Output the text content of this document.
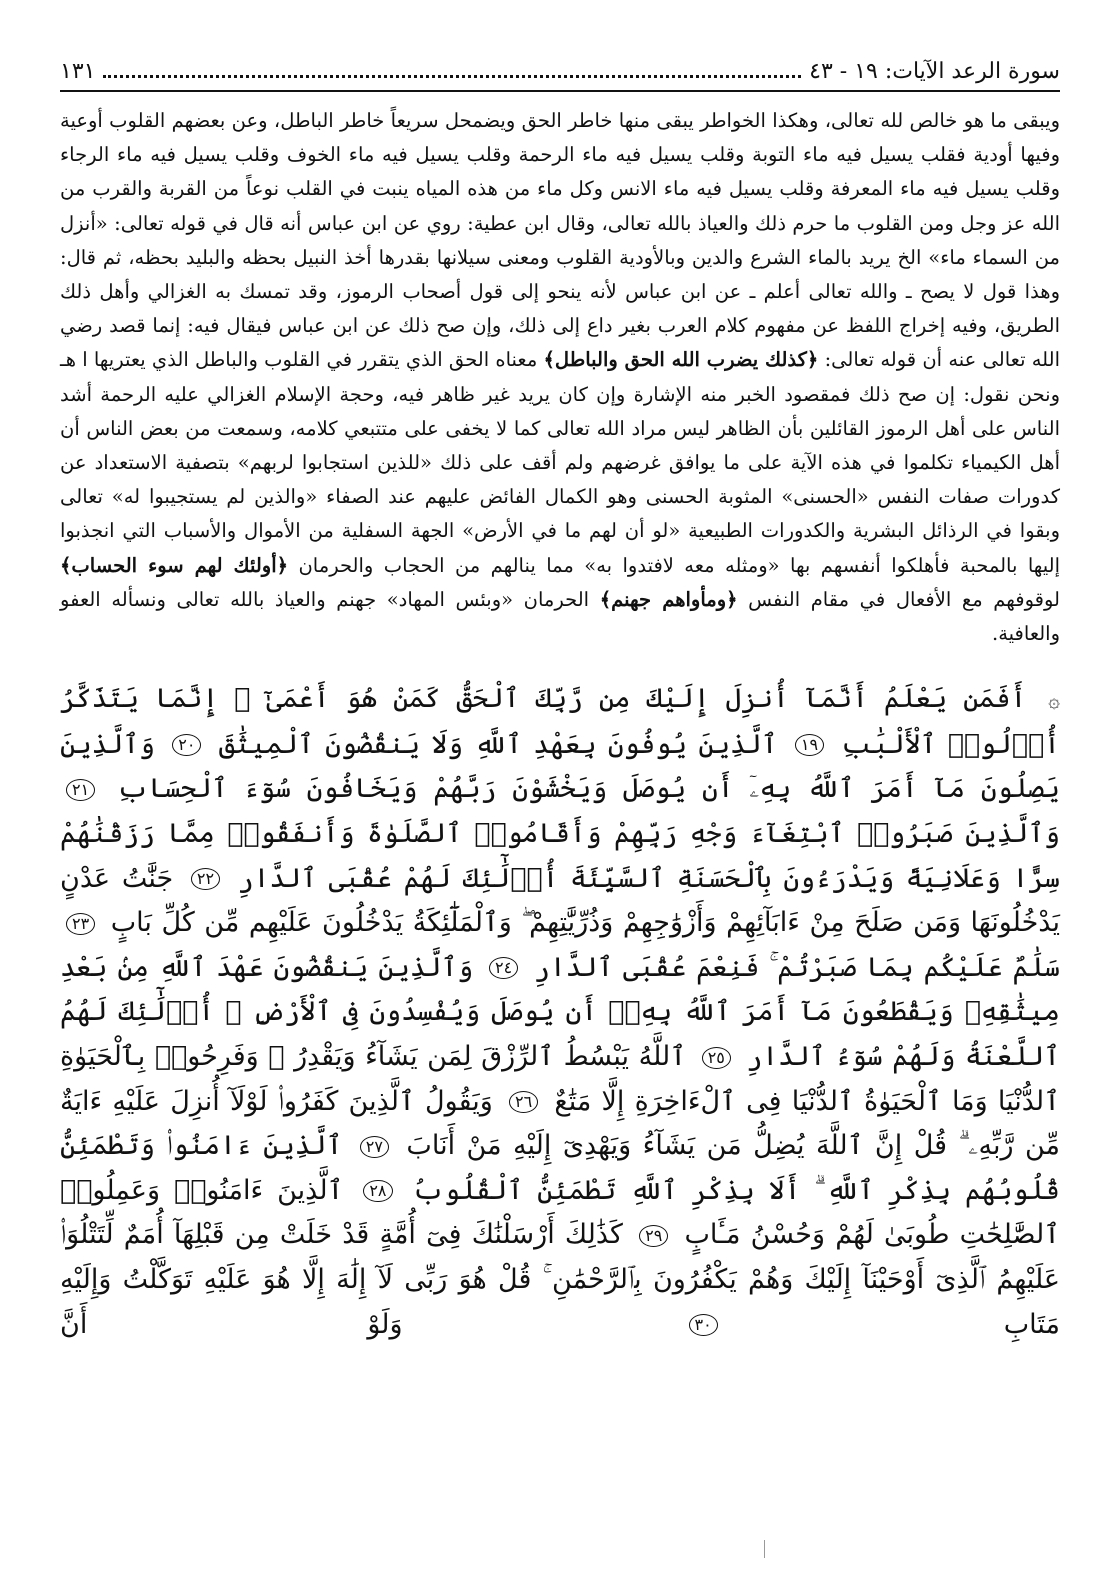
سورة الرعد الآيات: ١٩ - ٤٣
١٣١
ويبقى ما هو خالص لله تعالى، وهكذا الخواطر يبقى منها خاطر الحق ويضمحل سريعاً خاطر الباطل، وعن بعضهم القلوب أوعية وفيها أودية فقلب يسيل فيه ماء التوبة وقلب يسيل فيه ماء الرحمة وقلب يسيل فيه ماء الخوف وقلب يسيل فيه ماء الرجاء وقلب يسيل فيه ماء المعرفة وقلب يسيل فيه ماء الانس وكل ماء من هذه المياه ينبت في القلب نوعاً من القربة والقرب من الله عز وجل ومن القلوب ما حرم ذلك والعياذ بالله تعالى، وقال ابن عطية: روي عن ابن عباس أنه قال في قوله تعالى: «أنزل من السماء ماء» الخ يريد بالماء الشرع والدين وبالأودية القلوب ومعنى سيلانها بقدرها أخذ النبيل بحظه والبليد بحظه، ثم قال: وهذا قول لا يصح ـ والله تعالى أعلم ـ عن ابن عباس لأنه ينحو إلى قول أصحاب الرموز، وقد تمسك به الغزالي وأهل ذلك الطريق، وفيه إخراج اللفظ عن مفهوم كلام العرب بغير داع إلى ذلك، وإن صح ذلك عن ابن عباس فيقال فيه: إنما قصد رضي الله تعالى عنه أن قوله تعالى: ﴿كذلك يضرب الله الحق والباطل﴾ معناه الحق الذي يتقرر في القلوب والباطل الذي يعتريها ا هـ ونحن نقول: إن صح ذلك فمقصود الخبر منه الإشارة وإن كان يريد غير ظاهر فيه، وحجة الإسلام الغزالي عليه الرحمة أشد الناس على أهل الرموز القائلين بأن الظاهر ليس مراد الله تعالى كما لا يخفى على متتبعي كلامه، وسمعت من بعض الناس أن أهل الكيمياء تكلموا في هذه الآية على ما يوافق غرضهم ولم أقف على ذلك «للذين استجابوا لربهم» بتصفية الاستعداد عن كدورات صفات النفس «الحسنى» المثوبة الحسنى وهو الكمال الفائض عليهم عند الصفاء «والذين لم يستجيبوا له» تعالى وبقوا في الرذائل البشرية والكدورات الطبيعية «لو أن لهم ما في الأرض» الجهة السفلية من الأموال والأسباب التي انجذبوا إليها بالمحبة فأهلكوا أنفسهم بها «ومثله معه لافتدوا به» مما ينالهم من الحجاب والحرمان ﴿أولئك لهم سوء الحساب﴾ لوقوفهم مع الأفعال في مقام النفس ﴿ومأواهم جهنم﴾ الحرمان «وبئس المهاد» جهنم والعياذ بالله تعالى ونسأله العفو والعافية.
۞ أَفَمَن يَعْلَمُ أَنَّمَآ أُنزِلَ إِلَيْكَ مِن رَّبِّكَ ٱلْحَقُّ كَمَنْ هُوَ أَعْمَىٰٓ ۚ إِنَّمَا يَتَذَكَّرُ أُو۟لُوا۟ ٱلْأَلْبَٰبِ ١٩ ٱلَّذِينَ يُوفُونَ بِعَهْدِ ٱللَّهِ وَلَا يَنقُضُونَ ٱلْمِيثَٰقَ ٢٠ وَٱلَّذِينَ يَصِلُونَ مَآ أَمَرَ ٱللَّهُ بِهِۦٓ أَن يُوصَلَ وَيَخْشَوْنَ رَبَّهُمْ وَيَخَافُونَ سُوٓءَ ٱلْحِسَابِ ٢١ وَٱلَّذِينَ صَبَرُوا۟ ٱبْتِغَآءَ وَجْهِ رَبِّهِمْ وَأَقَامُوا۟ ٱلصَّلَوٰةَ وَأَنفَقُوا۟ مِمَّا رَزَقْنَٰهُمْ سِرًّا وَعَلَانِيَةً وَيَدْرَءُونَ بِٱلْحَسَنَةِ ٱلسَّيِّئَةَ أُو۟لَٰٓئِكَ لَهُمْ عُقْبَى ٱلدَّارِ ٢٢ جَنَّٰتُ عَدْنٍ يَدْخُلُونَهَا وَمَن صَلَحَ مِنْ ءَابَآئِهِمْ وَأَزْوَٰجِهِمْ وَذُرِّيَّٰتِهِمْ ۖ وَٱلْمَلَٰٓئِكَةُ يَدْخُلُونَ عَلَيْهِم مِّن كُلِّ بَابٍ ٢٣ سَلَٰمٌ عَلَيْكُم بِمَا صَبَرْتُمْ ۚ فَنِعْمَ عُقْبَى ٱلدَّارِ ٢٤ وَٱلَّذِينَ يَنقُضُونَ عَهْدَ ٱللَّهِ مِنۢ بَعْدِ مِيثَٰقِهِۦ وَيَقْطَعُونَ مَآ أَمَرَ ٱللَّهُ بِهِۦٓ أَن يُوصَلَ وَيُفْسِدُونَ فِى ٱلْأَرْضِ ۙ أُو۟لَٰٓئِكَ لَهُمُ ٱللَّعْنَةُ وَلَهُمْ سُوٓءُ ٱلدَّارِ ٢٥ ٱللَّهُ يَبْسُطُ ٱلرِّزْقَ لِمَن يَشَآءُ وَيَقْدِرُ ۚ وَفَرِحُوا۟ بِٱلْحَيَوٰةِ ٱلدُّنْيَا وَمَا ٱلْحَيَوٰةُ ٱلدُّنْيَا فِى ٱلْءَاخِرَةِ إِلَّا مَتَٰعٌ ٢٦ وَيَقُولُ ٱلَّذِينَ كَفَرُوا۟ لَوْلَآ أُنزِلَ عَلَيْهِ ءَايَةٌ مِّن رَّبِّهِۦ ۗ قُلْ إِنَّ ٱللَّهَ يُضِلُّ مَن يَشَآءُ وَيَهْدِىٓ إِلَيْهِ مَنْ أَنَابَ ٢٧ ٱلَّذِينَ ءَامَنُوا۟ وَتَطْمَئِنُّ قُلُوبُهُم بِذِكْرِ ٱللَّهِ ۗ أَلَا بِذِكْرِ ٱللَّهِ تَطْمَئِنُّ ٱلْقُلُوبُ ٢٨ ٱلَّذِينَ ءَامَنُوا۟ وَعَمِلُوا۟ ٱلصَّٰلِحَٰتِ طُوبَىٰ لَهُمْ وَحُسْنُ مَـَٔابٍ ٢٩ كَذَٰلِكَ أَرْسَلْنَٰكَ فِىٓ أُمَّةٍ قَدْ خَلَتْ مِن قَبْلِهَآ أُمَمٌ لِّتَتْلُوَا۟ عَلَيْهِمُ ٱلَّذِىٓ أَوْحَيْنَآ إِلَيْكَ وَهُمْ يَكْفُرُونَ بِٱلرَّحْمَٰنِ ۚ قُلْ هُوَ رَبِّى لَآ إِلَٰهَ إِلَّا هُوَ عَلَيْهِ تَوَكَّلْتُ وَإِلَيْهِ مَتَابِ ٣٠ وَلَوْ أَنَّ
